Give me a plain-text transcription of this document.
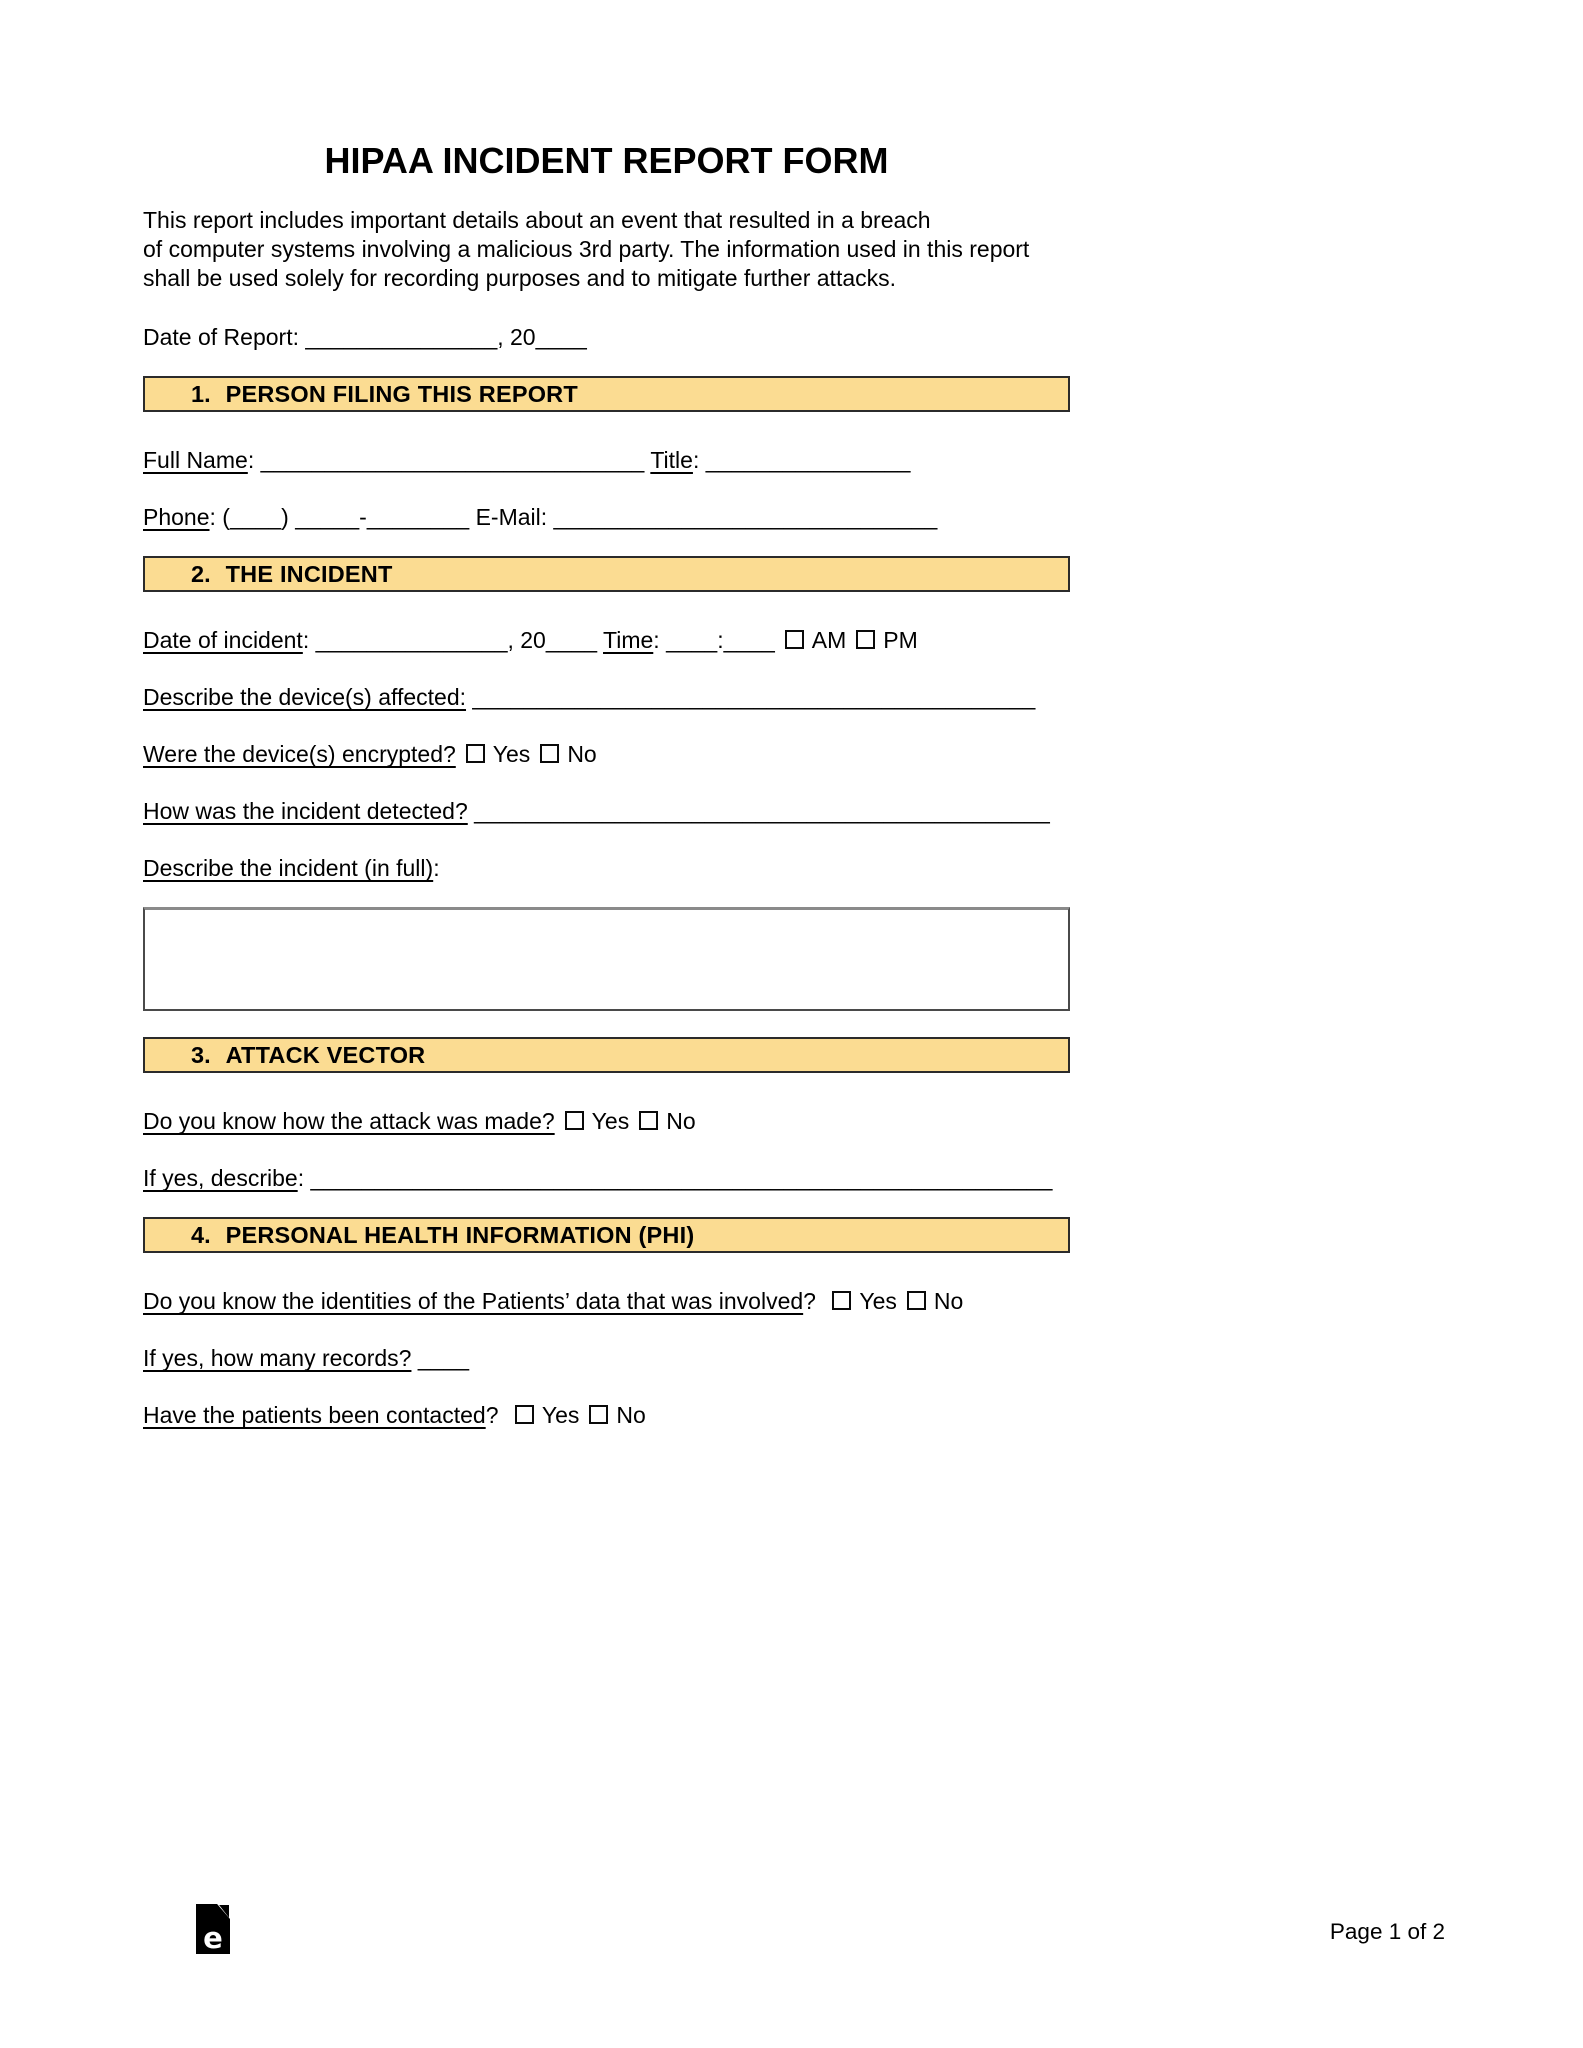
HIPAA INCIDENT REPORT FORM
This report includes important details about an event that resulted in a breach
of computer systems involving a malicious 3rd party. The information used in this report
shall be used solely for recording purposes and to mitigate further attacks.
Date of Report: _______________, 20____
1. PERSON FILING THIS REPORT
Full Name: ______________________________ Title: ________________
Phone: (____) _____-________ E-Mail: ______________________________
2. THE INCIDENT
Date of incident: _______________, 20____ Time: ____:____ AM PM
Describe the device(s) affected: ____________________________________________
Were the device(s) encrypted? Yes No
How was the incident detected? _____________________________________________
Describe the incident (in full):
3. ATTACK VECTOR
Do you know how the attack was made? Yes No
If yes, describe: __________________________________________________________
4. PERSONAL HEALTH INFORMATION (PHI)
Do you know the identities of the Patients’ data that was involved? Yes No
If yes, how many records? ____
Have the patients been contacted? Yes No
e	Page 1 of 2
